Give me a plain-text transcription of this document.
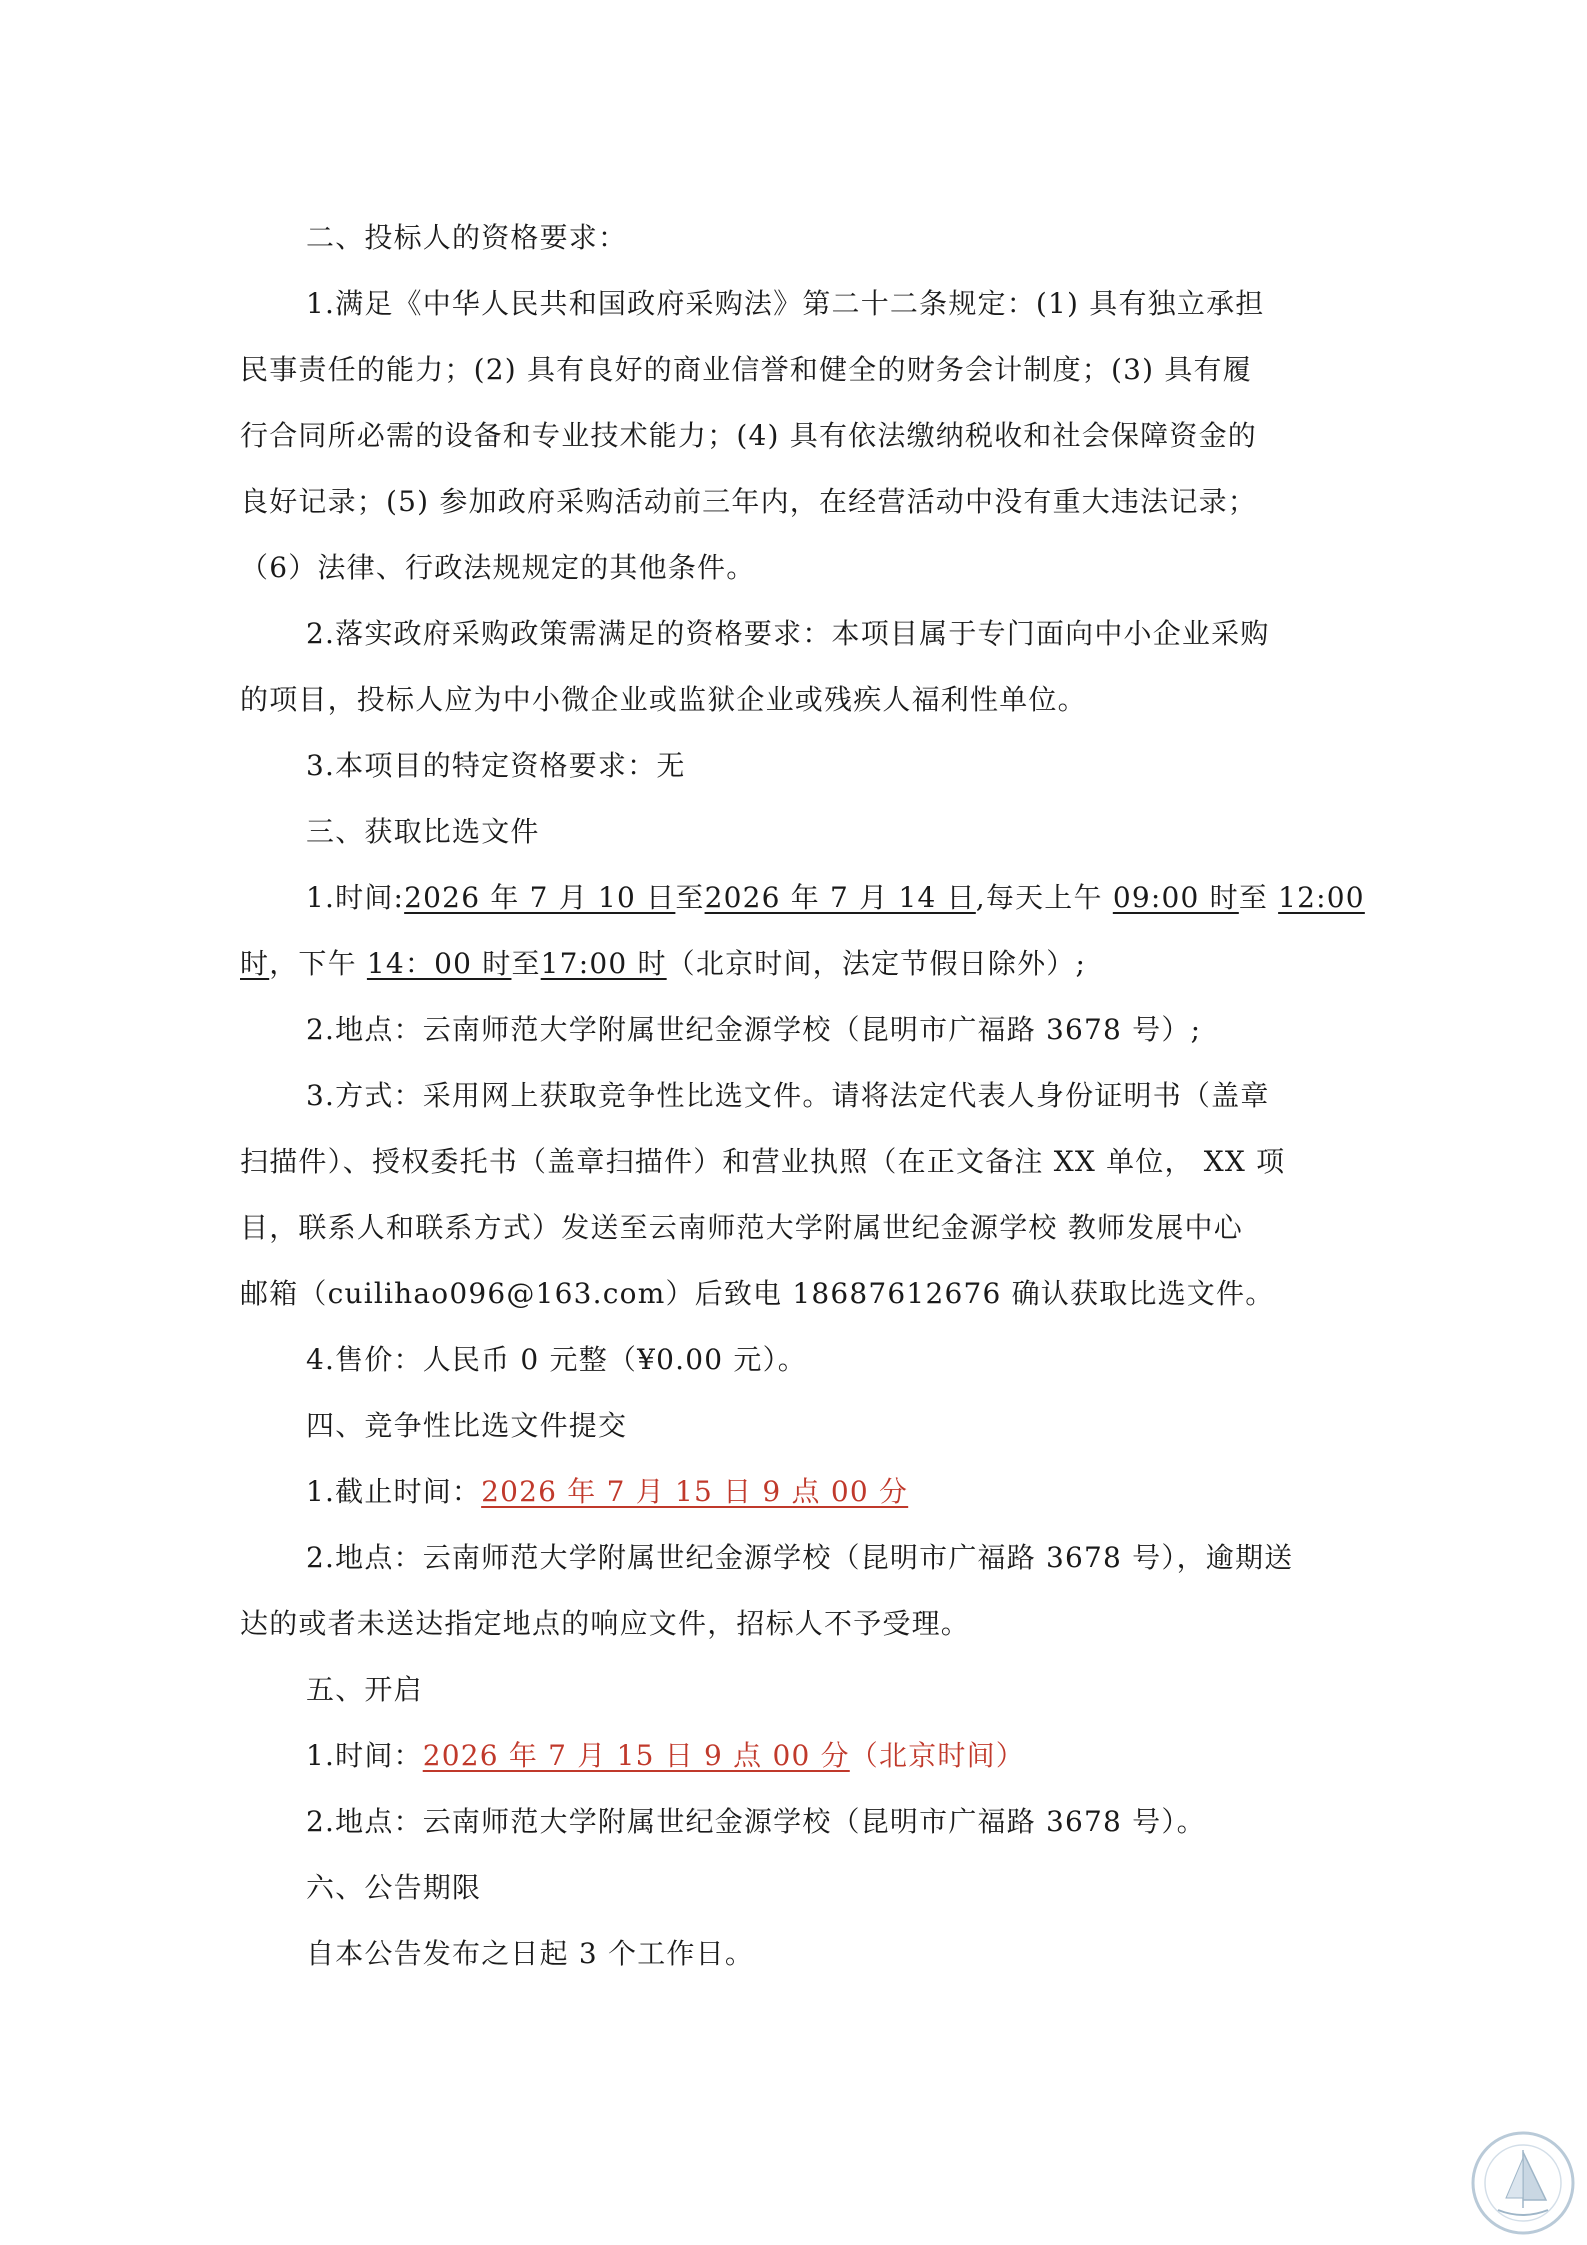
二、投标人的资格要求：
1.满足《中华人民共和国政府采购法》第二十二条规定：(1) 具有独立承担
民事责任的能力；(2) 具有良好的商业信誉和健全的财务会计制度；(3) 具有履
行合同所必需的设备和专业技术能力；(4) 具有依法缴纳税收和社会保障资金的
良好记录；(5) 参加政府采购活动前三年内，在经营活动中没有重大违法记录；
（6）法律、行政法规规定的其他条件。
2.落实政府采购政策需满足的资格要求：本项目属于专门面向中小企业采购
的项目，投标人应为中小微企业或监狱企业或残疾人福利性单位。
3.本项目的特定资格要求：无
三、获取比选文件
1.时间:2026 年 7 月 10 日至2026 年 7 月 14 日,每天上午 09:00 时至 12:00
时，下午 14：00 时至17:00 时（北京时间，法定节假日除外）;
2.地点：云南师范大学附属世纪金源学校（昆明市广福路 3678 号）;
3.方式：采用网上获取竞争性比选文件。请将法定代表人身份证明书（盖章
扫描件）、授权委托书（盖章扫描件）和营业执照（在正文备注 XX 单位， XX 项
目，联系人和联系方式）发送至云南师范大学附属世纪金源学校 教师发展中心
邮箱（cuilihao096@163.com）后致电 18687612676 确认获取比选文件。
4.售价：人民币 0 元整（¥0.00 元）。
四、竞争性比选文件提交
1.截止时间：2026 年 7 月 15 日 9 点 00 分
2.地点：云南师范大学附属世纪金源学校（昆明市广福路 3678 号），逾期送
达的或者未送达指定地点的响应文件，招标人不予受理。
五、开启
1.时间：2026 年 7 月 15 日 9 点 00 分（北京时间）
2.地点：云南师范大学附属世纪金源学校（昆明市广福路 3678 号）。
六、公告期限
自本公告发布之日起 3 个工作日。
